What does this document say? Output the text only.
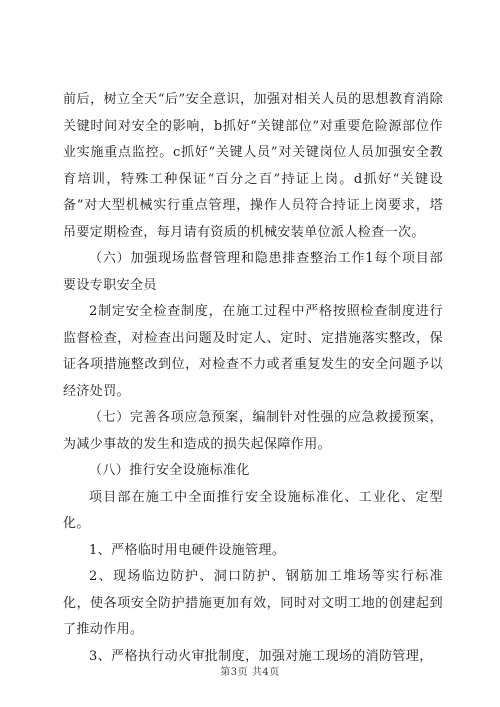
前后，树立全天“后”安全意识，加强对相关人员的思想教育消除关键时间对安全的影响，b抓好“关键部位”对重要危险源部位作业实施重点监控。c抓好“关键人员”对关键岗位人员加强安全教育培训，特殊工种保证“百分之百”持证上岗。d抓好“关键设备”对大型机械实行重点管理，操作人员符合持证上岗要求，塔吊要定期检查，每月请有资质的机械安装单位派人检查一次。

（六）加强现场监督管理和隐患排查整治工作1每个项目部要设专职安全员

2制定安全检查制度，在施工过程中严格按照检查制度进行监督检查，对检查出问题及时定人、定时、定措施落实整改，保证各项措施整改到位，对检查不力或者重复发生的安全问题予以经济处罚。

（七）完善各项应急预案，编制针对性强的应急救援预案，为减少事故的发生和造成的损失起保障作用。

（八）推行安全设施标准化

项目部在施工中全面推行安全设施标准化、工业化、定型化。

1、严格临时用电硬件设施管理。

2、现场临边防护、洞口防护、钢筋加工堆场等实行标准化，使各项安全防护措施更加有效，同时对文明工地的创建起到了推动作用。

3、严格执行动火审批制度，加强对施工现场的消防管理，

第3页 共4页
